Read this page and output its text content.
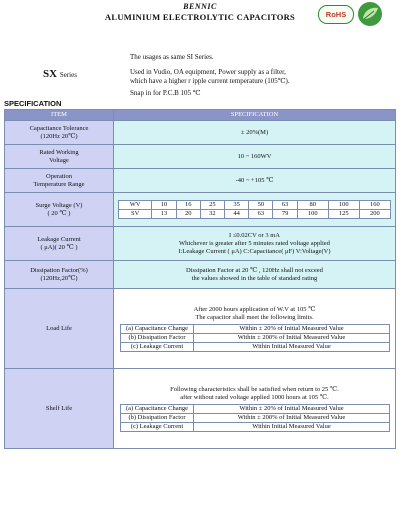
BENNIC
ALUMINIUM ELECTROLYTIC CAPACITORS	RoHS
SX Series
The usages as same SI Series.
Used in Vudio, OA equipment, Power supply as a filter,
which have a higher r ipple current temperature (105℃).
Snap in for P.C.B 105 ℃
SPECIFICATION
ITEM	SPECIFICATION
Capacitance Tolerance
(120Hz 20℃)	± 20%(M)
Rated Working
Voltage	10 ~ 160WV
Operation
Temperature Range	-40 ~ +105 ℃
Surge Voltage (V)
( 20 ℃ )	
WV	10	16	25	35	50	63	80	100	160
SV	13	20	32	44	63	79	100	125	200

Leakage Current
( μA)( 20 ℃ )	I ≤0.02CV or 3 mA
Whichever is greater after 5 minutes rated voltage applied
I:Leakage Current ( μA) C:Capacitance( μF) V:Voltage(V)
Dissipation Factor(%)
(120Hz,20℃)	Dissipation Factor at 20 ℃ , 120Hz shall not exceed
the values showed in the table of standard rating
Load Life	
After 2000 hours application of W.V at 105 ℃
The capacitor shall meet the following limits.
(a) Capacitance Change	Within ± 20% of Initial Measured Value
(b) Dissipation Factor	Within ± 200% of Initial Measured Value
(c) Leakage Current	Within Initial Measured Value

Shelf Life	
Following characteristics shall be satisfied when return to 25 ℃.
after without rated voltage applied 1000 hours at 105 ℃.
(a) Capacitance Change	Within ± 20% of Initial Measured Value
(b) Dissipation Factor	Within ± 200% of Initial Measured Value
(c) Leakage Current	Within Initial Measured Value
